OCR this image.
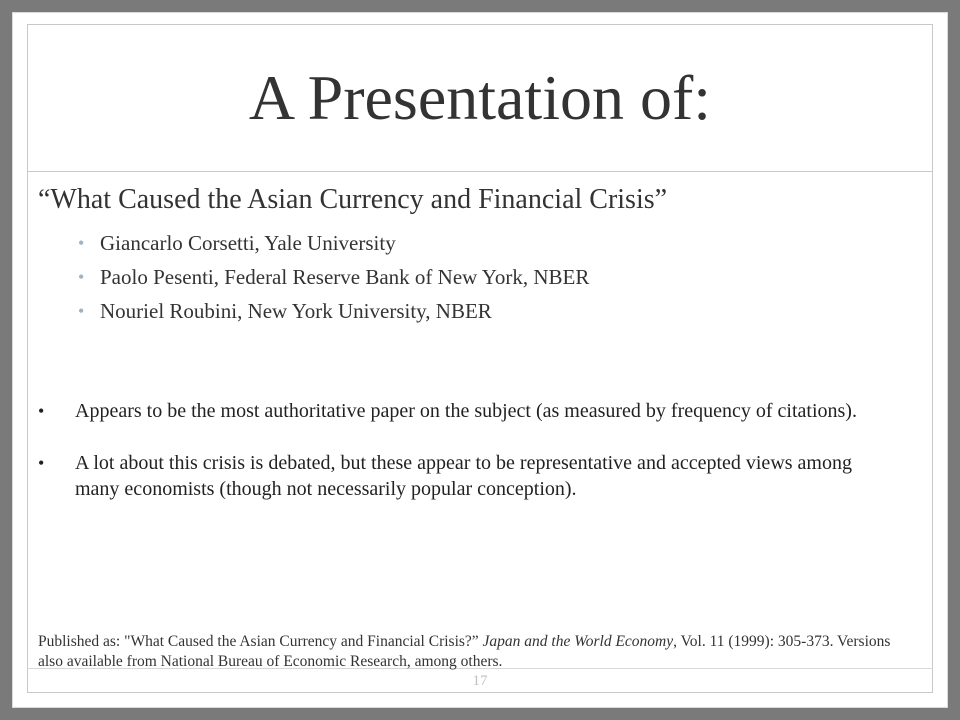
A Presentation of:
“What Caused the Asian Currency and Financial Crisis”
• Giancarlo Corsetti, Yale University
• Paolo Pesenti, Federal Reserve Bank of New York, NBER
• Nouriel Roubini, New York University, NBER
• Appears to be the most authoritative paper on the subject (as measured by frequency of citations).
• A lot about this crisis is debated, but these appear to be representative and accepted views among many economists (though not necessarily popular conception).
Published as: "What Caused the Asian Currency and Financial Crisis?” Japan and the World Economy, Vol. 11 (1999): 305-373. Versions also available from National Bureau of Economic Research, among others.
17
